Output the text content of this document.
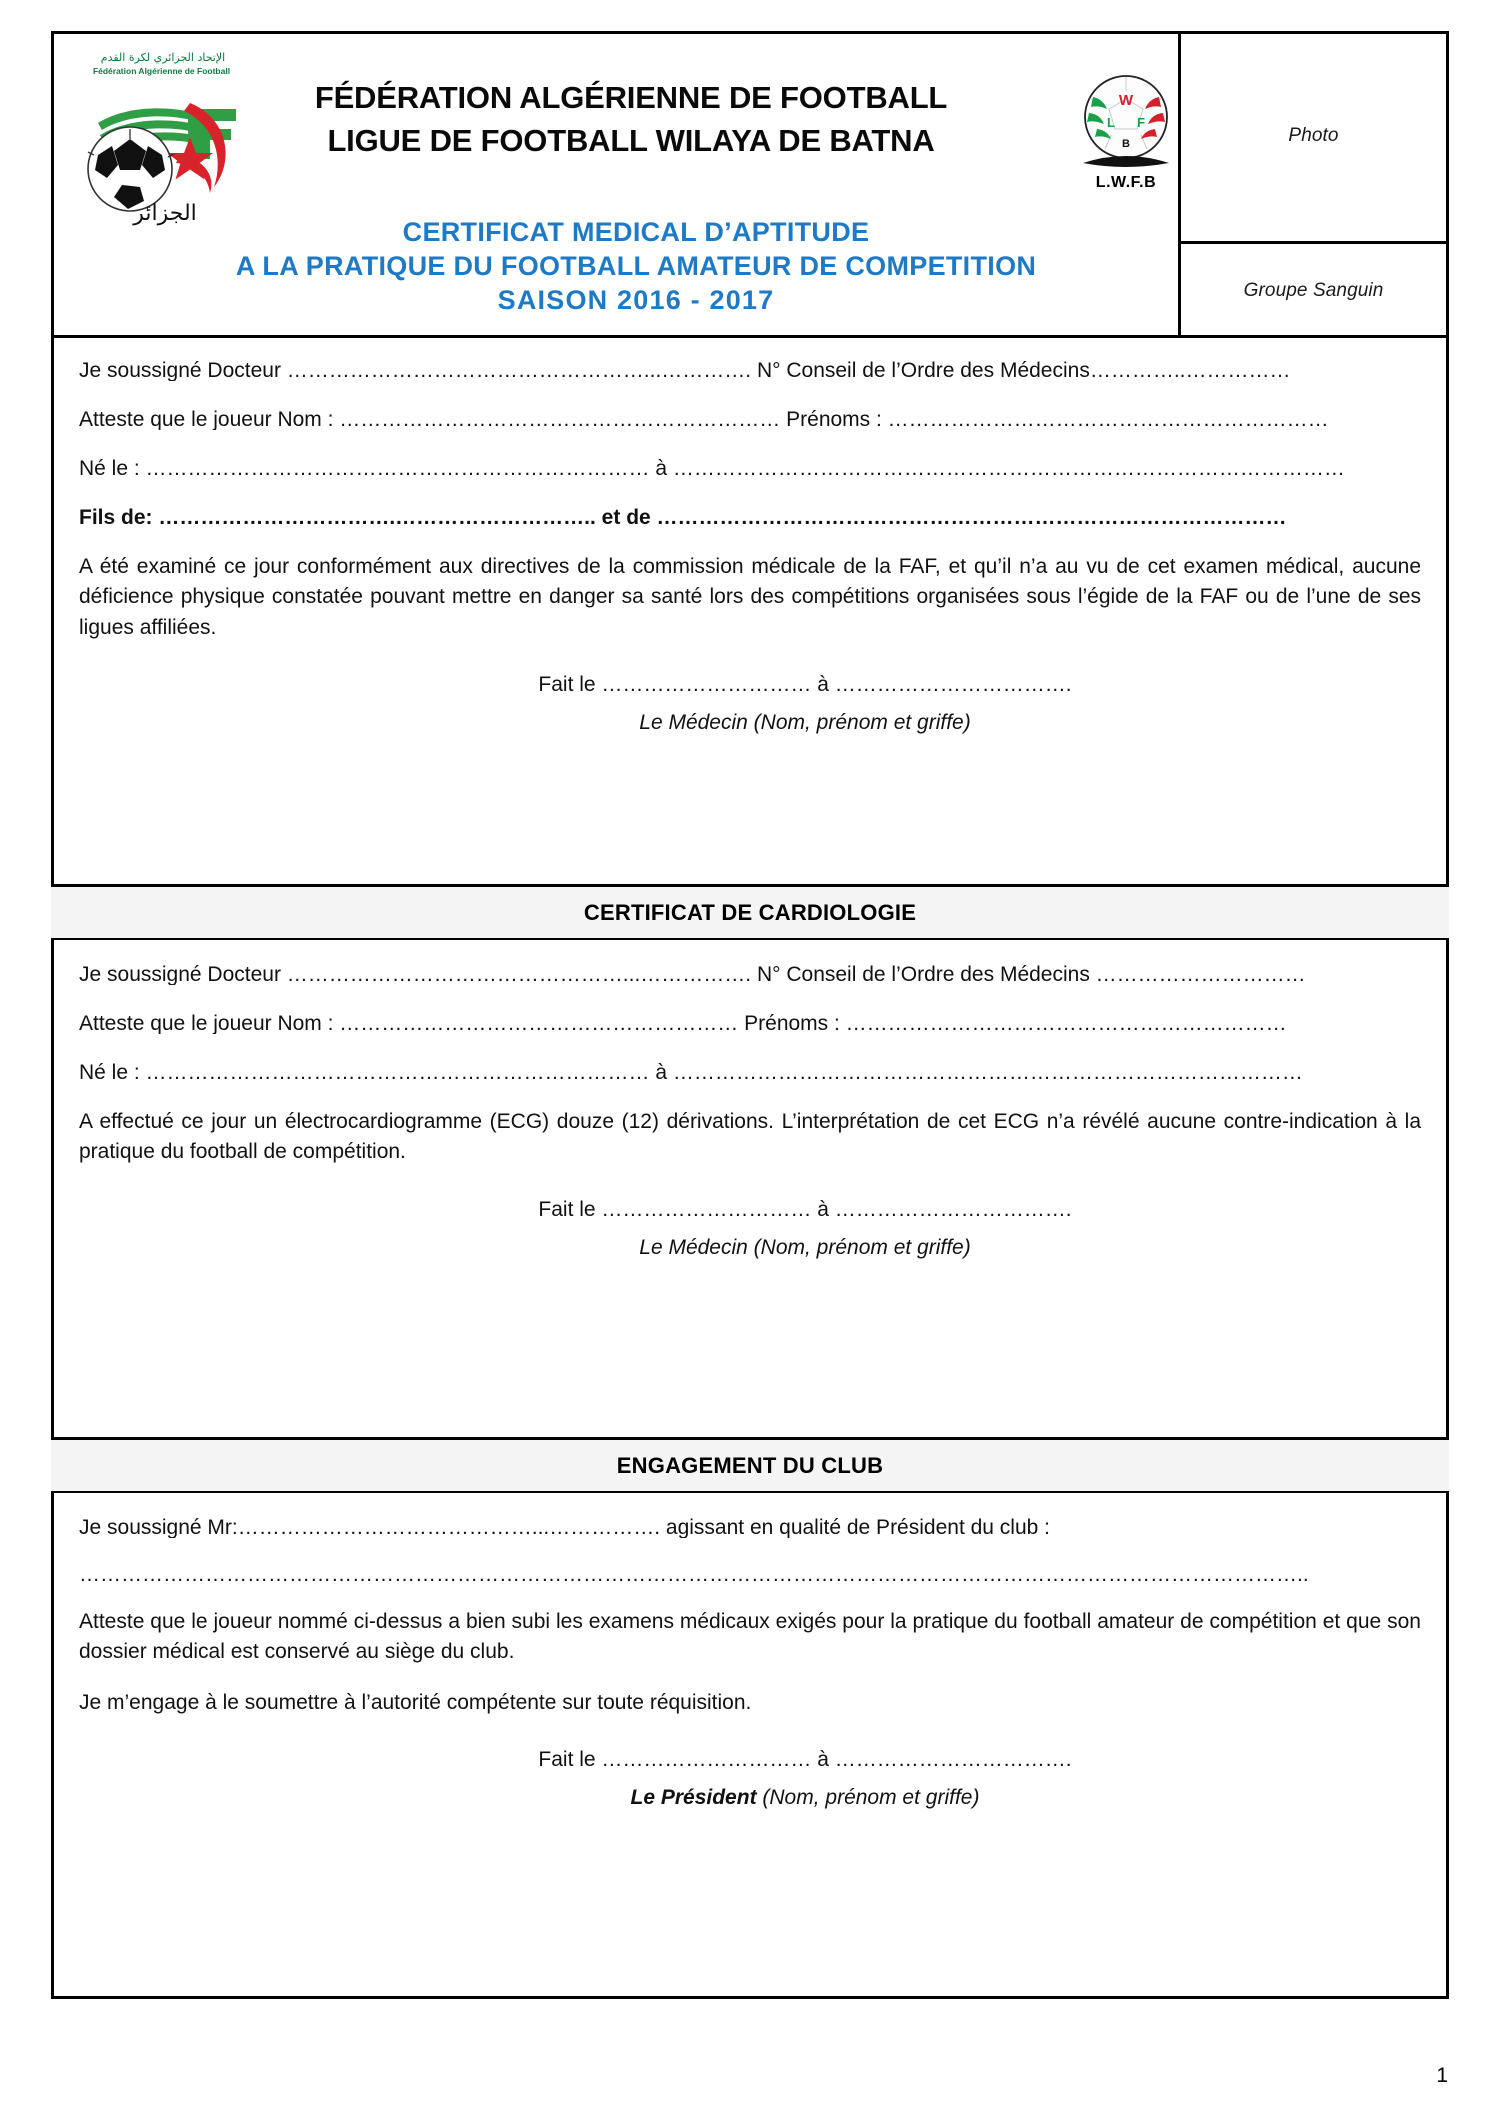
الإتحاد الجزائري لكرة القدم
Fédération Algérienne de Football
الجزائر
FÉDÉRATION ALGÉRIENNE DE FOOTBALL
LIGUE DE FOOTBALL WILAYA DE BATNA
CERTIFICAT MEDICAL D’APTITUDE
A LA PRATIQUE DU FOOTBALL AMATEUR DE COMPETITION
SAISON 2016 - 2017
W
L F
B
L.W.F.B
Photo
Groupe Sanguin
Je soussigné Docteur ……………………………………………...…………. N° Conseil de l’Ordre des Médecins…………..……………
Atteste que le joueur Nom : ……………………………………………………… Prénoms : ………………………………………………………
Né le : ……………………………………………………………… à ……………………………………………………………………………………
Fils de: …………………………….……………………….. et de ………………………………………………………………………………
A été examiné ce jour conformément aux directives de la commission médicale de la FAF, et qu’il n’a au vu de cet examen médical, aucune déficience physique constatée pouvant mettre en danger sa santé lors des compétitions organisées sous l’égide de la FAF ou de l’une de ses ligues affiliées.
Fait le ………………………… à …………………………….
Le Médecin (Nom, prénom et griffe)
CERTIFICAT DE CARDIOLOGIE
Je soussigné Docteur …………………………………………...……………. N° Conseil de l’Ordre des Médecins …………………………
Atteste que le joueur Nom : ………………………………………………… Prénoms : ………………………………………………………
Né le : ……………………………………………………………… à ………………………………………………………………………………
A effectué ce jour un électrocardiogramme (ECG) douze (12) dérivations. L’interprétation de cet ECG n’a révélé aucune contre-indication à la pratique du football de compétition.
Fait le ………………………… à …………………………….
Le Médecin (Nom, prénom et griffe)
ENGAGEMENT DU CLUB
Je soussigné Mr:……………………………………...……………. agissant en qualité de Président du club :
…………………………………………………………………………………………………………………………………………………………..
Atteste que le joueur nommé ci-dessus a bien subi les examens médicaux exigés pour la pratique du football amateur de compétition et que son dossier médical est conservé au siège du club.
Je m’engage à le soumettre à l’autorité compétente sur toute réquisition.
Fait le ………………………… à …………………………….
Le Président (Nom, prénom et griffe)
1
